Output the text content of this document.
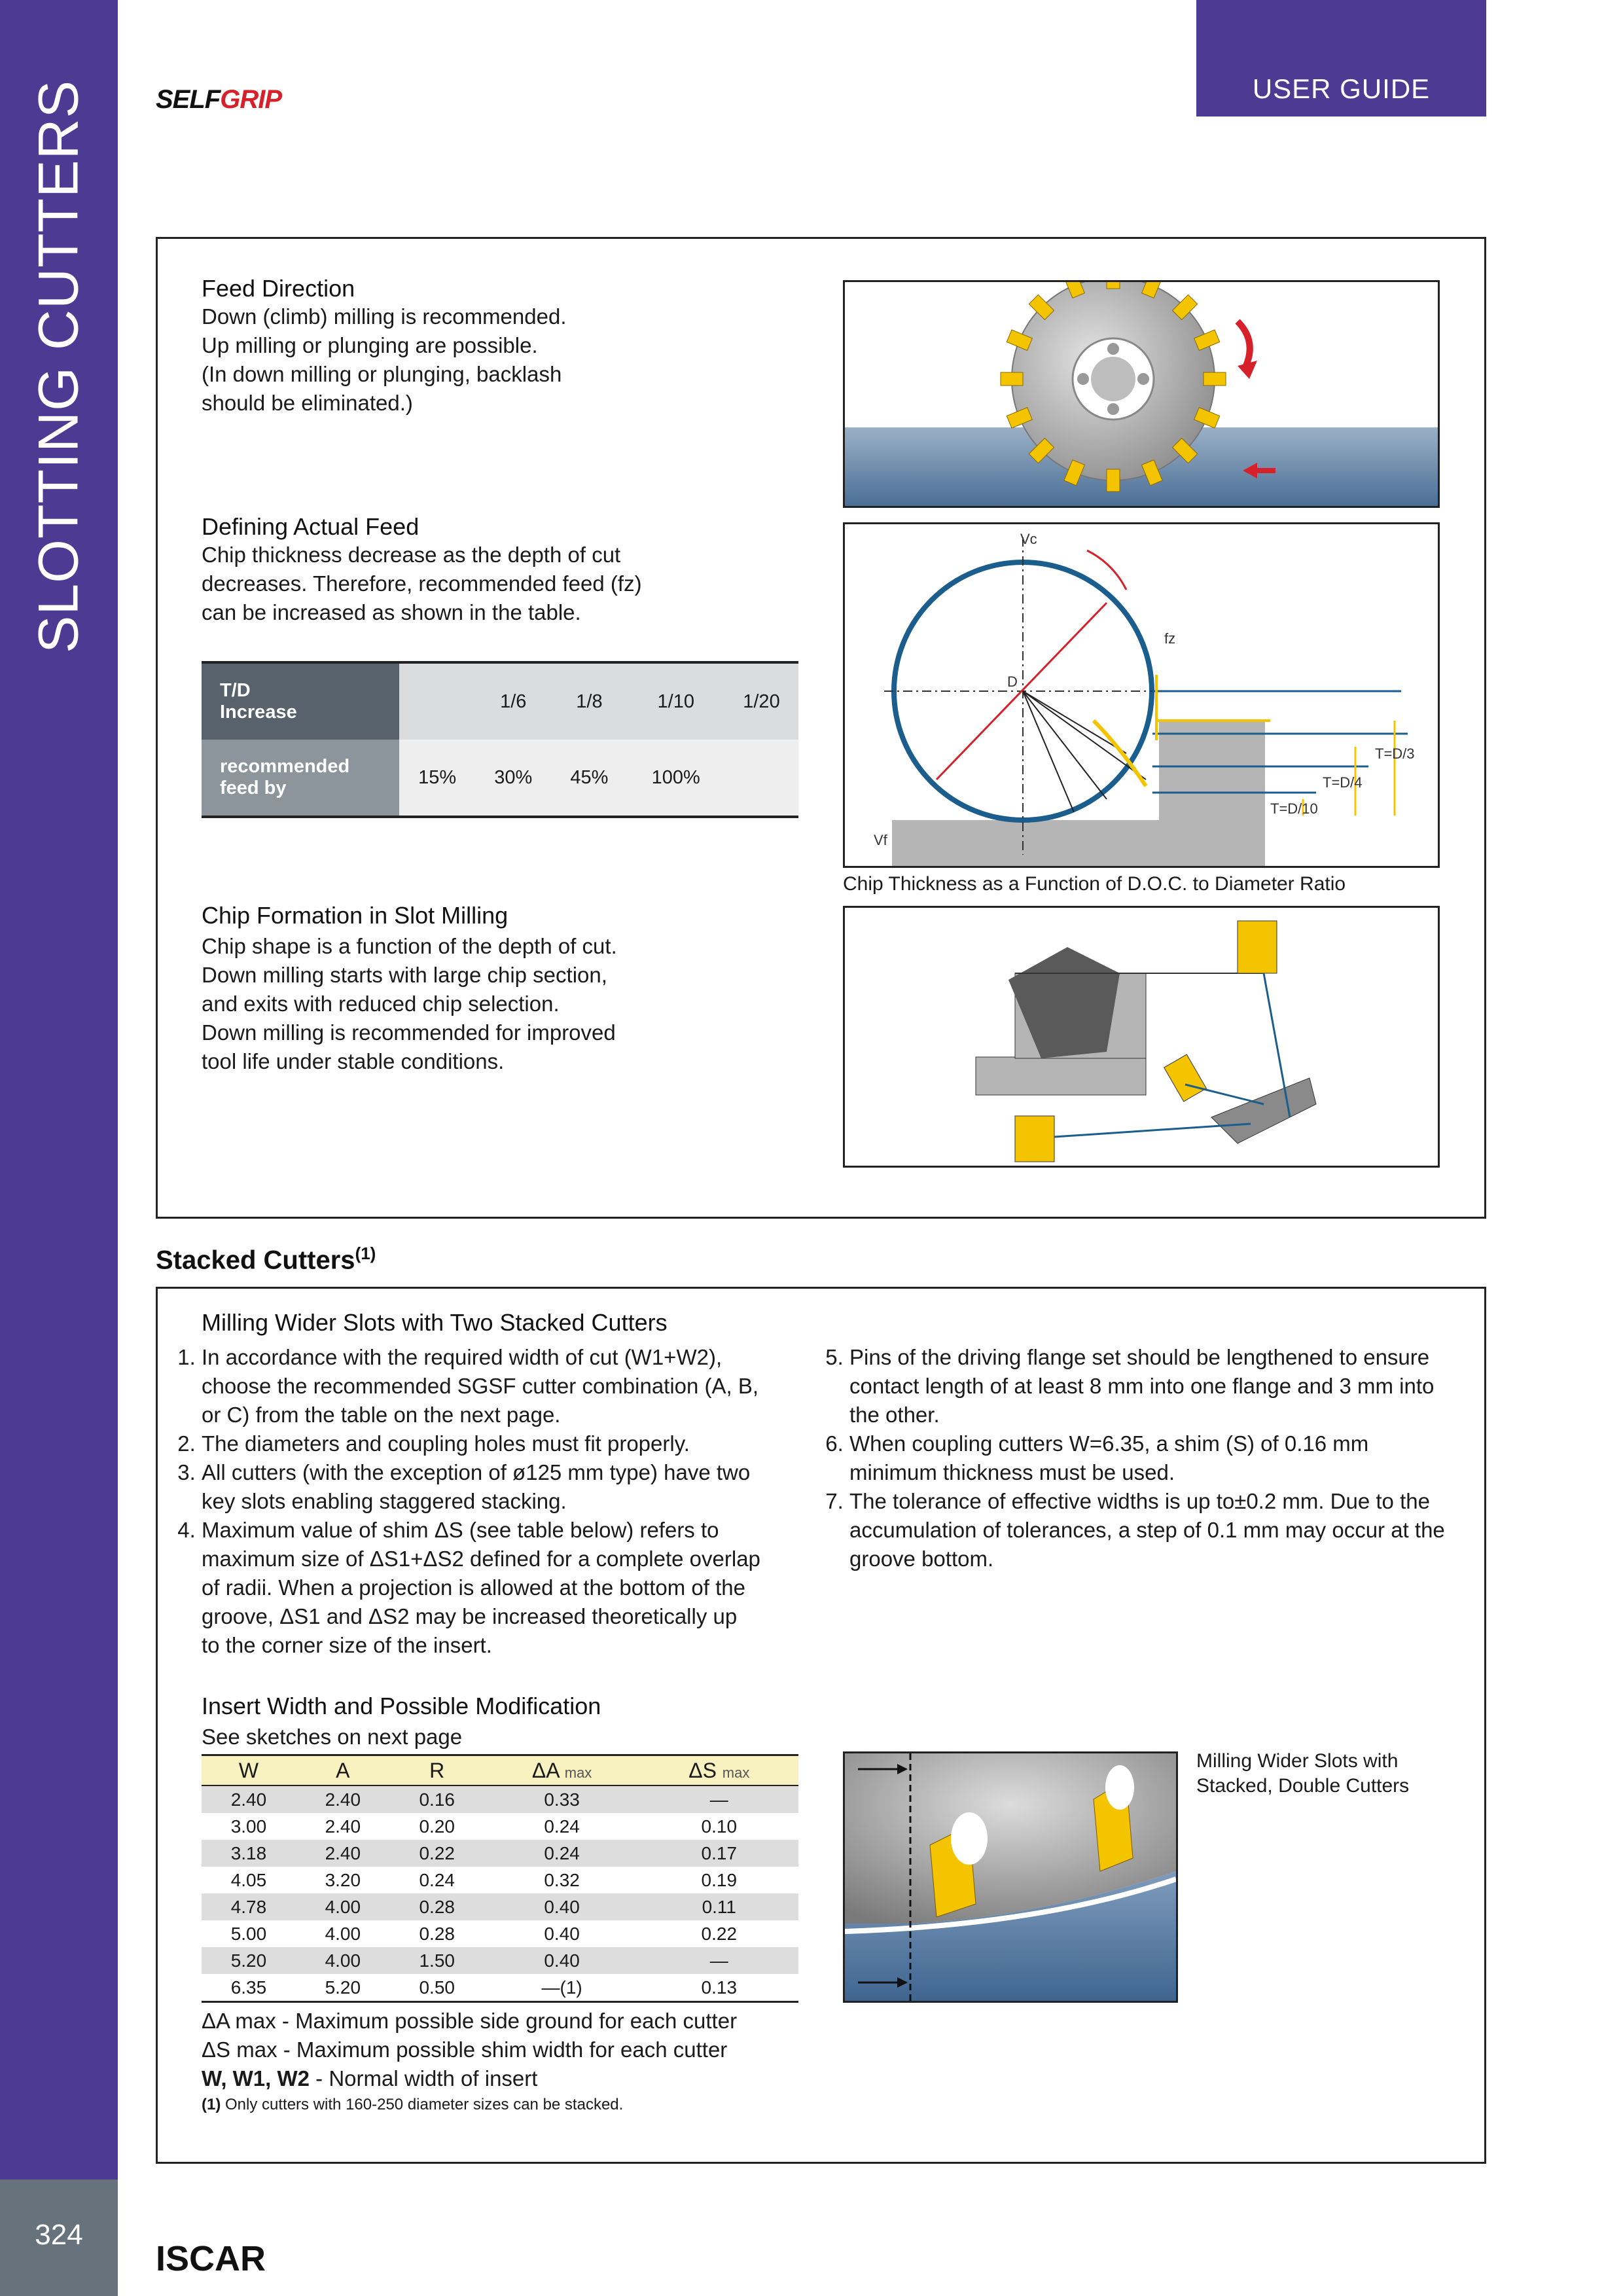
SLOTTING CUTTERS
324
USER GUIDE
SELFGRIP
Feed Direction
Down (climb) milling is recommended.
Up milling or plunging are possible.
(In down milling or plunging, backlash
should be eliminated.)
Defining Actual Feed
Chip thickness decrease as the depth of cut
decreases. Therefore, recommended feed (fz)
can be increased as shown in the table.
T/D
Increase		1/6	1/8	1/10	1/20
recommended
feed by	15%	30%	45%	100%	
Vc
fz
D
Vf
T=D/3
T=D/4
T=D/10
Chip Thickness as a Function of D.O.C. to Diameter Ratio
Chip Formation in Slot Milling
Chip shape is a function of the depth of cut.
Down milling starts with large chip section,
and exits with reduced chip selection.
Down milling is recommended for improved
tool life under stable conditions.
Stacked Cutters$^{(1)}$
Milling Wider Slots with Two Stacked Cutters
1. In accordance with the required width of cut (W1+W2), choose the recommended SGSF cutter combination (A, B, or C) from the table on the next page.
2. The diameters and coupling holes must fit properly.
3. All cutters (with the exception of ø125 mm type) have two key slots enabling staggered stacking.
4. Maximum value of shim ΔS (see table below) refers to maximum size of ΔS1+ΔS2 defined for a complete overlap of radii. When a projection is allowed at the bottom of the groove, ΔS1 and ΔS2 may be increased theoretically up to the corner size of the insert.
5. Pins of the driving flange set should be lengthened to ensure contact length of at least 8 mm into one flange and 3 mm into the other.
6. When coupling cutters W=6.35, a shim (S) of 0.16 mm minimum thickness must be used.
7. The tolerance of effective widths is up to±0.2 mm. Due to the accumulation of tolerances, a step of 0.1 mm may occur at the groove bottom.
Insert Width and Possible Modification
See sketches on next page
W	A	R	ΔA max	ΔS max
2.40	2.40	0.16	0.33	—
3.00	2.40	0.20	0.24	0.10
3.18	2.40	0.22	0.24	0.17
4.05	3.20	0.24	0.32	0.19
4.78	4.00	0.28	0.40	0.11
5.00	4.00	0.28	0.40	0.22
5.20	4.00	1.50	0.40	—
6.35	5.20	0.50	—(1)	0.13
ΔA max - Maximum possible side ground for each cutter
ΔS max - Maximum possible shim width for each cutter
W, W1, W2 - Normal width of insert
(1) Only cutters with 160-250 diameter sizes can be stacked.
Milling Wider Slots with
Stacked, Double Cutters
ISCAR
